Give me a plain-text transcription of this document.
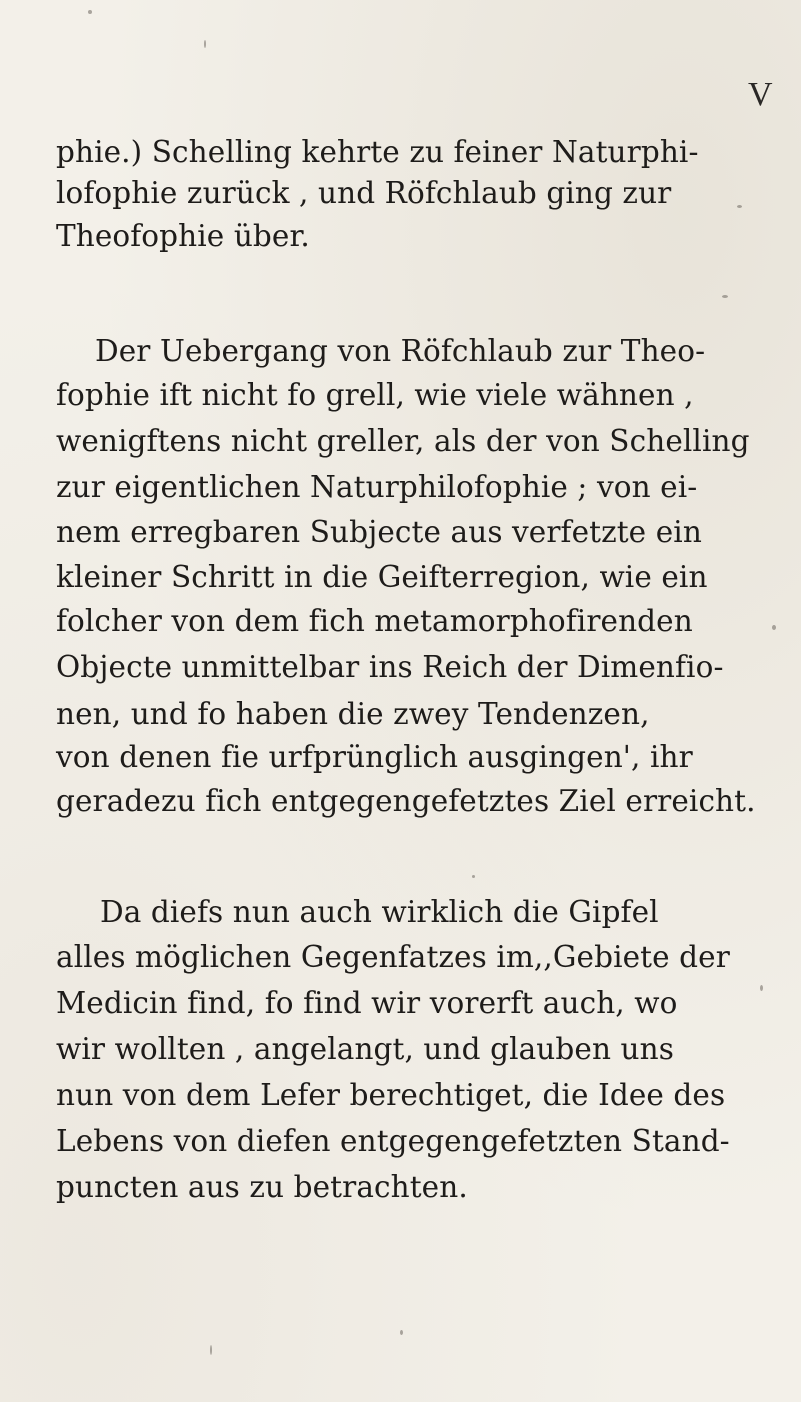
V
phie.) Schelling kehrte zu feiner Naturphi-
lofophie zurück , und Röfchlaub ging zur
Theofophie über.
Der Uebergang von Röfchlaub zur Theo-
fophie ift nicht fo grell, wie viele wähnen ,
wenigftens nicht greller, als der von Schelling
zur eigentlichen Naturphilofophie ; von ei-
nem erregbaren Subjecte aus verfetzte ein
kleiner Schritt in die Geifterregion, wie ein
folcher von dem fich metamorphofirenden
Objecte unmittelbar ins Reich der Dimenfio-
nen, und fo haben die zwey Tendenzen,
von denen fie urfprünglich ausgingen', ihr
geradezu fich entgegengefetztes Ziel erreicht.
Da diefs nun auch wirklich die Gipfel
alles möglichen Gegenfatzes im,,Gebiete der
Medicin find, fo find wir vorerft auch, wo
wir wollten , angelangt, und glauben uns
nun von dem Lefer berechtiget, die Idee des
Lebens von diefen entgegengefetzten Stand-
puncten aus zu betrachten.
